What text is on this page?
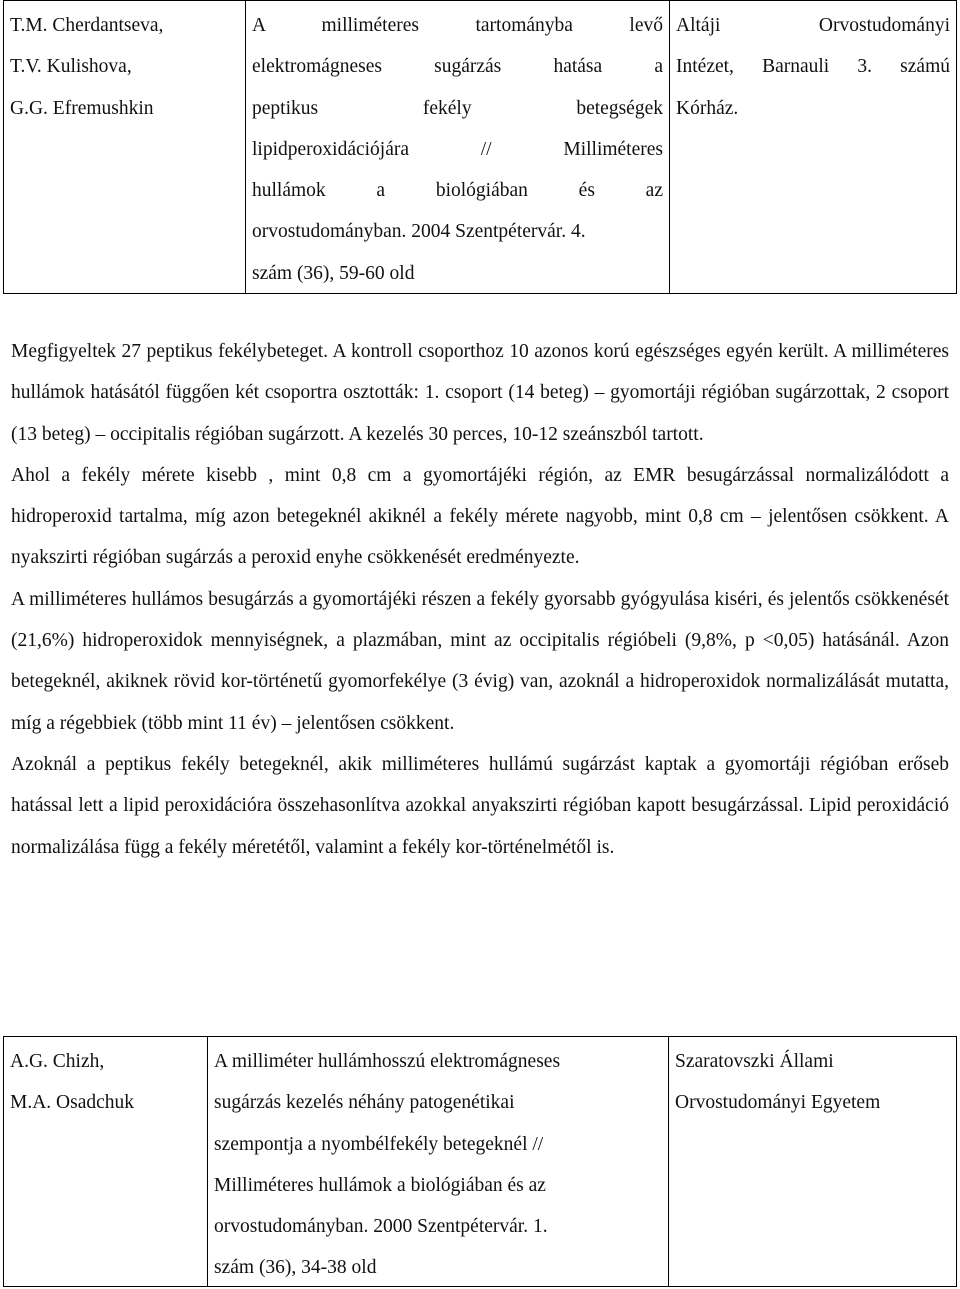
T.M. Cherdantseva,
T.V. Kulishova,
G.G. Efremushkin
A milliméteres tartományba levő
elektromágneses sugárzás hatása a
peptikus fekély betegségek
lipidperoxidációjára // Milliméteres
hullámok a biológiában és az
orvostudományban. 2004 Szentpétervár. 4.
szám (36), 59-60 old
Altáji Orvostudományi
Intézet, Barnauli 3. számú
Kórház.

Megfigyeltek 27 peptikus fekélybeteget. A kontroll csoporthoz 10 azonos korú egészséges egyén került. A milliméteres hullámok hatásától függően két csoportra osztották: 1. csoport (14 beteg) – gyomortáji régióban sugárzottak, 2 csoport (13 beteg) – occipitalis régióban sugárzott. A kezelés 30 perces, 10-12 szeánszból tartott.

Ahol a fekély mérete kisebb , mint 0,8 cm a gyomortájéki régión, az EMR besugárzással normalizálódott a hidroperoxid tartalma, míg azon betegeknél akiknél a fekély mérete nagyobb, mint 0,8 cm – jelentősen csökkent. A nyakszirti régióban sugárzás a peroxid enyhe csökkenését eredményezte.

A milliméteres hullámos besugárzás a gyomortájéki részen a fekély gyorsabb gyógyulása kiséri, és jelentős csökkenését (21,6%) hidroperoxidok mennyiségnek, a plazmában, mint az occipitalis régióbeli (9,8%, p <0,05) hatásánál. Azon betegeknél, akiknek rövid kor-történetű gyomorfekélye (3 évig) van, azoknál a hidroperoxidok normalizálását mutatta, míg a régebbiek (több mint 11 év) – jelentősen csökkent.

Azoknál a peptikus fekély betegeknél, akik milliméteres hullámú sugárzást kaptak a gyomortáji régióban erőseb hatással lett a lipid peroxidációra összehasonlítva azokkal anyakszirti régióban kapott besugárzással. Lipid peroxidáció normalizálása függ a fekély méretétől, valamint a fekély kor-történelmétől is.

A.G. Chizh,
M.A. Osadchuk
A milliméter hullámhosszú elektromágneses
sugárzás kezelés néhány patogenétikai
szempontja a nyombélfekély betegeknél //
Milliméteres hullámok a biológiában és az
orvostudományban. 2000 Szentpétervár. 1.
szám (36), 34-38 old
Szaratovszki Állami
Orvostudományi Egyetem
